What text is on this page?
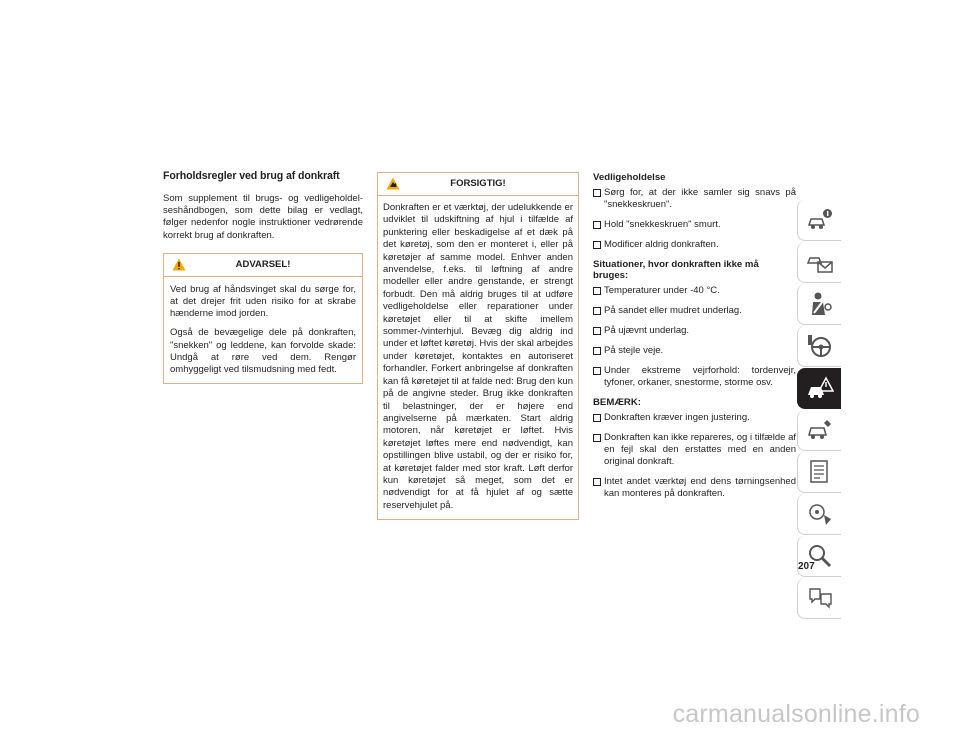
Forholdsregler ved brug af donkraft

Som supplement til brugs- og vedligeholdelseshåndbogen, som dette bilag er vedlagt, følger nedenfor nogle instruktioner vedrørende korrekt brug af donkraften.

ADVARSEL!

Ved brug af håndsvinget skal du sørge for, at det drejer frit uden risiko for at skrabe hænderne imod jorden.

Også de bevægelige dele på donkraften, "snekken" og leddene, kan forvolde skade: Undgå at røre ved dem. Rengør omhyggeligt ved tilsmudsning med fedt.

FORSIGTIG!

Donkraften er et værktøj, der udelukkende er udviklet til udskiftning af hjul i tilfælde af punktering eller beskadigelse af et dæk på det køretøj, som den er monteret i, eller på køretøjer af samme model. Enhver anden anvendelse, f.eks. til løftning af andre modeller eller andre genstande, er strengt forbudt. Den må aldrig bruges til at udføre vedligeholdelse eller reparationer under køretøjet eller til at skifte imellem sommer-/vinterhjul. Bevæg dig aldrig ind under et løftet køretøj. Hvis der skal arbejdes under køretøjet, kontaktes en autoriseret forhandler. Forkert anbringelse af donkraften kan få køretøjet til at falde ned: Brug den kun på de angivne steder. Brug ikke donkraften til belastninger, der er højere end angivelserne på mærkaten. Start aldrig motoren, når køretøjet er løftet. Hvis køretøjet løftes mere end nødvendigt, kan opstillingen blive ustabil, og der er risiko for, at køretøjet falder med stor kraft. Løft derfor kun køretøjet så meget, som det er nødvendigt for at få hjulet af og sætte reservehjulet på.

Vedligeholdelse
Sørg for, at der ikke samler sig snavs på "snekkeskruen".
Hold "snekkeskruen" smurt.
Modificer aldrig donkraften.
Situationer, hvor donkraften ikke må bruges:
Temperaturer under -40 °C.
På sandet eller mudret underlag.
På ujævnt underlag.
På stejle veje.
Under ekstreme vejrforhold: tordenvejr, tyfoner, orkaner, snestorme, storme osv.
BEMÆRK:
Donkraften kræver ingen justering.
Donkraften kan ikke repareres, og i tilfælde af en fejl skal den erstattes med en anden original donkraft.
Intet andet værktøj end dens tørningsenhed kan monteres på donkraften.
207
carmanualsonline.info
